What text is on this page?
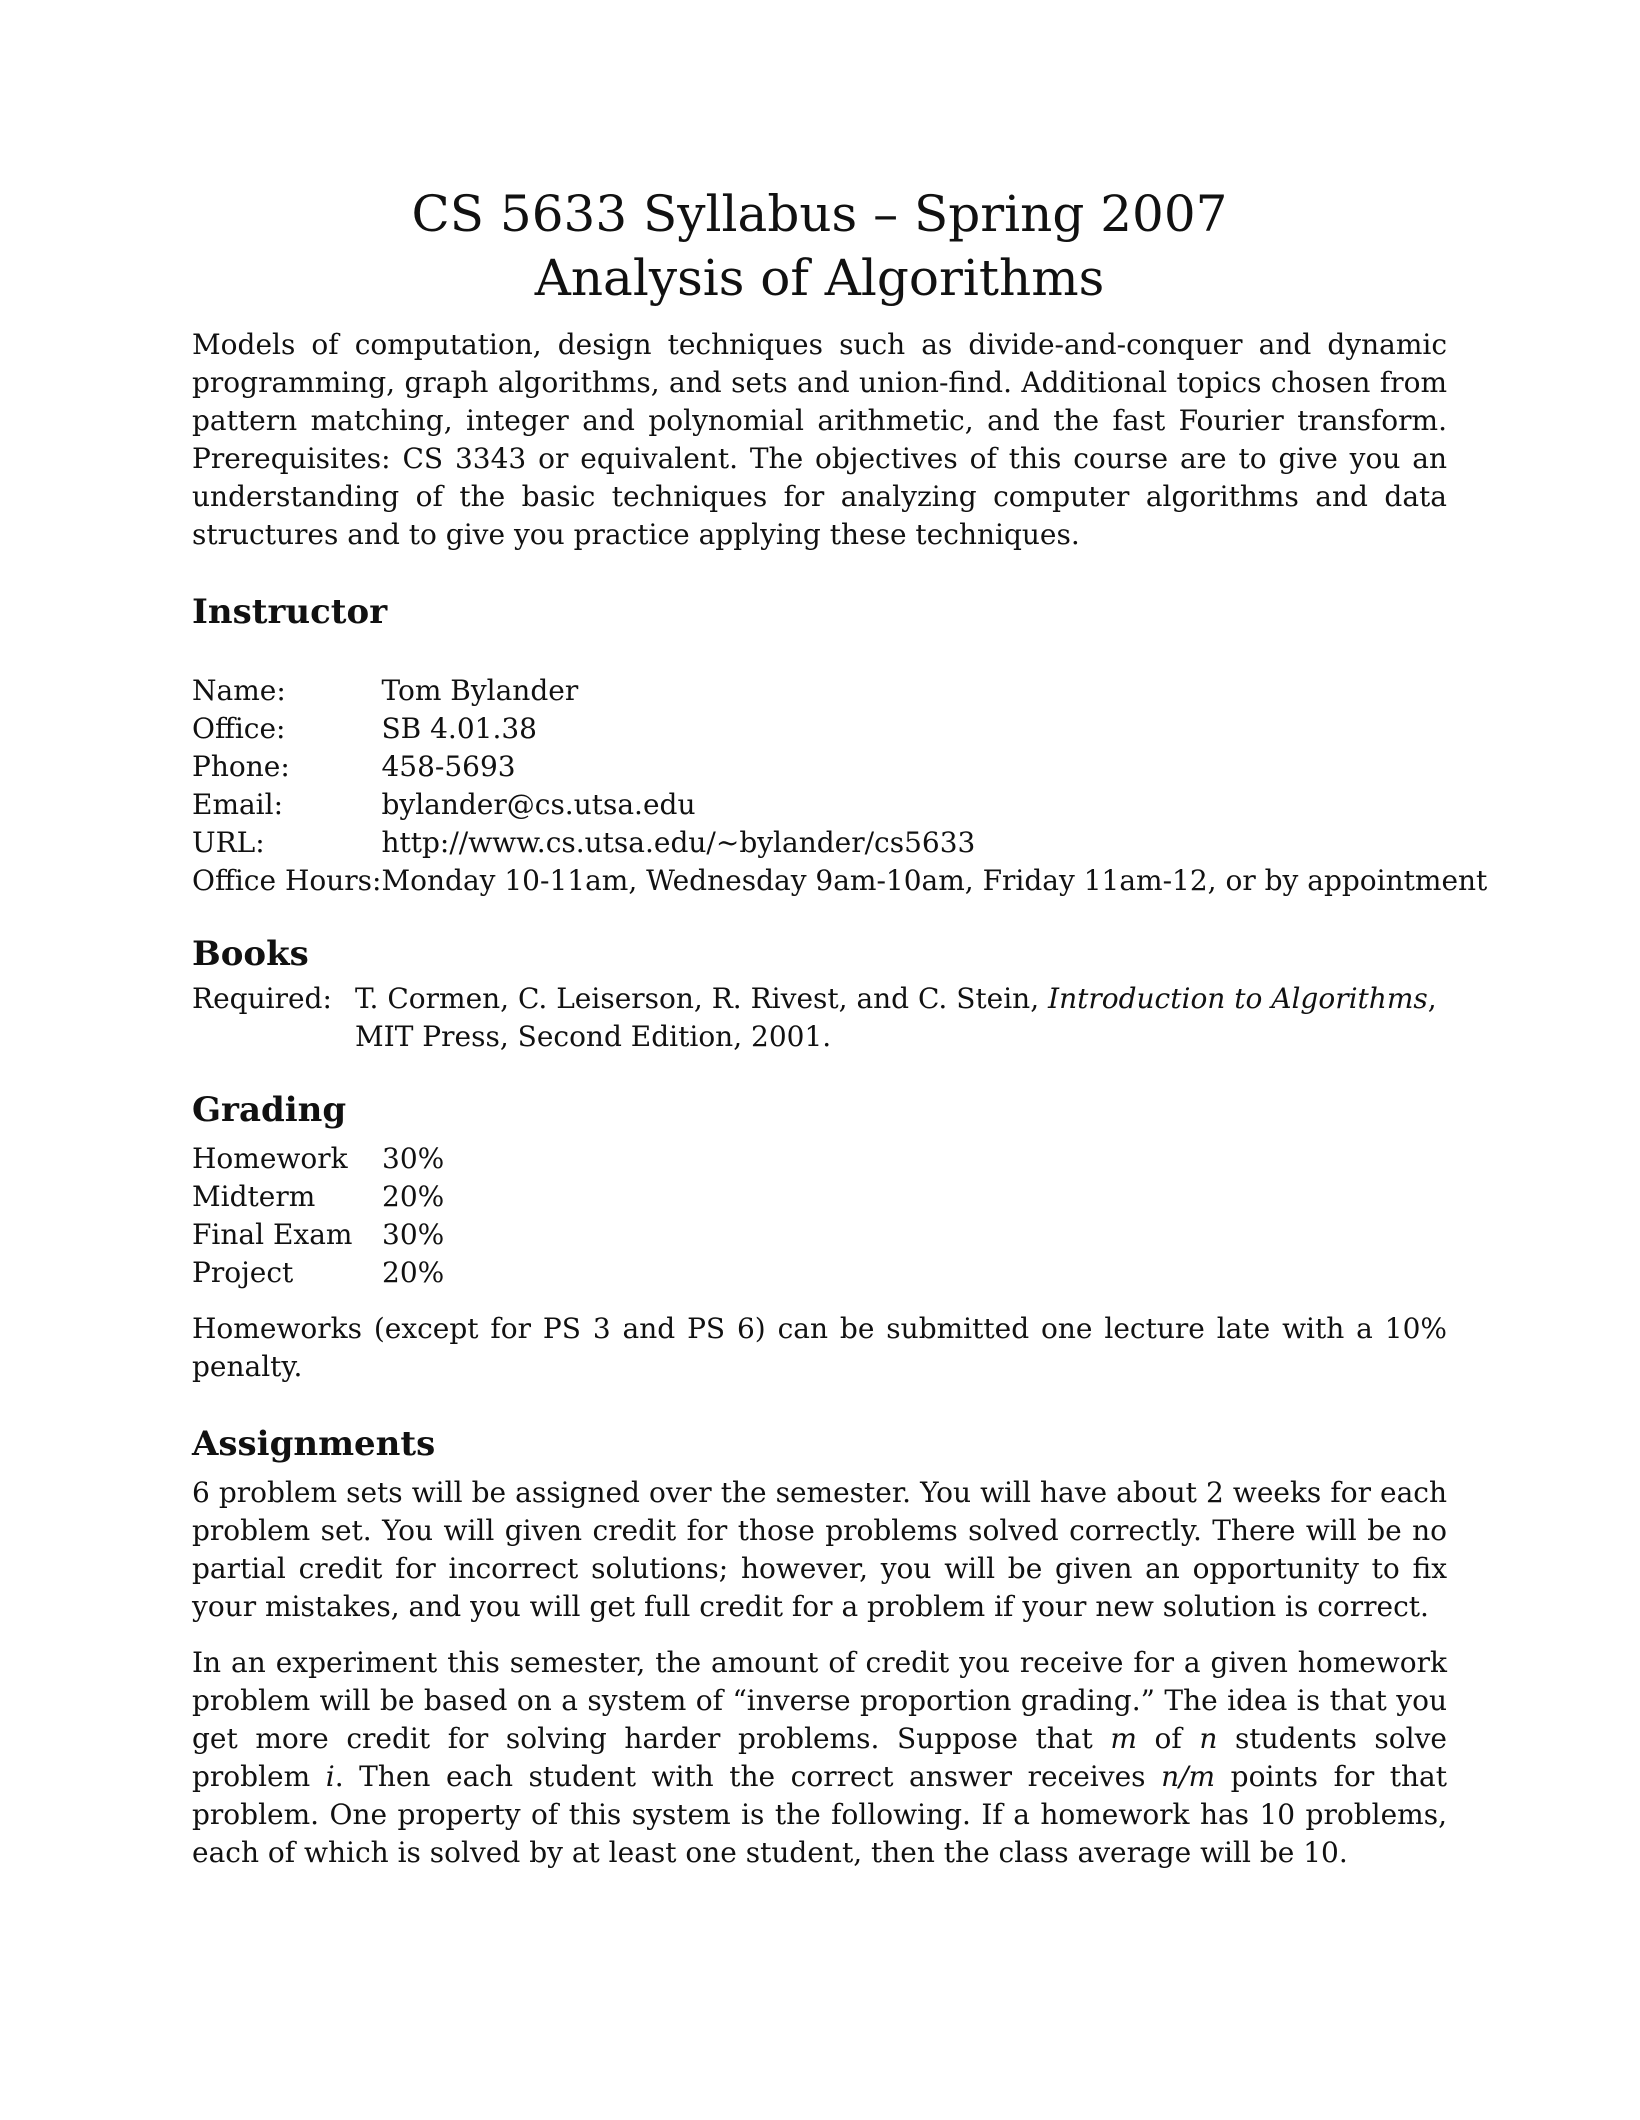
CS 5633 Syllabus – Spring 2007
Analysis of Algorithms

Models of computation, design techniques such as divide-and-conquer and dynamic programming, graph algorithms, and sets and union-find. Additional topics chosen from pattern matching, integer and polynomial arithmetic, and the fast Fourier transform. Prerequisites: CS 3343 or equivalent. The objectives of this course are to give you an understanding of the basic techniques for analyzing computer algorithms and data structures and to give you practice applying these techniques.

Instructor
Name:	Tom Bylander
Office:	SB 4.01.38
Phone:	458-5693
Email:	bylander@cs.utsa.edu
URL:	http://www.cs.utsa.edu/~bylander/cs5633
Office Hours:	Monday 10-11am, Wednesday 9am-10am, Friday 11am-12, or by appointment
Books
Required: T. Cormen, C. Leiserson, R. Rivest, and C. Stein, Introduction to Algorithms, MIT Press, Second Edition, 2001.
Grading
Homework	30%
Midterm	20%
Final Exam	30%
Project	20%

Homeworks (except for PS 3 and PS 6) can be submitted one lecture late with a 10% penalty.

Assignments

6 problem sets will be assigned over the semester. You will have about 2 weeks for each problem set. You will given credit for those problems solved correctly. There will be no partial credit for incorrect solutions; however, you will be given an opportunity to fix your mistakes, and you will get full credit for a problem if your new solution is correct.

In an experiment this semester, the amount of credit you receive for a given homework problem will be based on a system of “inverse proportion grading.” The idea is that you get more credit for solving harder problems. Suppose that m of n students solve problem i. Then each student with the correct answer receives n/m points for that problem. One property of this system is the following. If a homework has 10 problems, each of which is solved by at least one student, then the class average will be 10.
